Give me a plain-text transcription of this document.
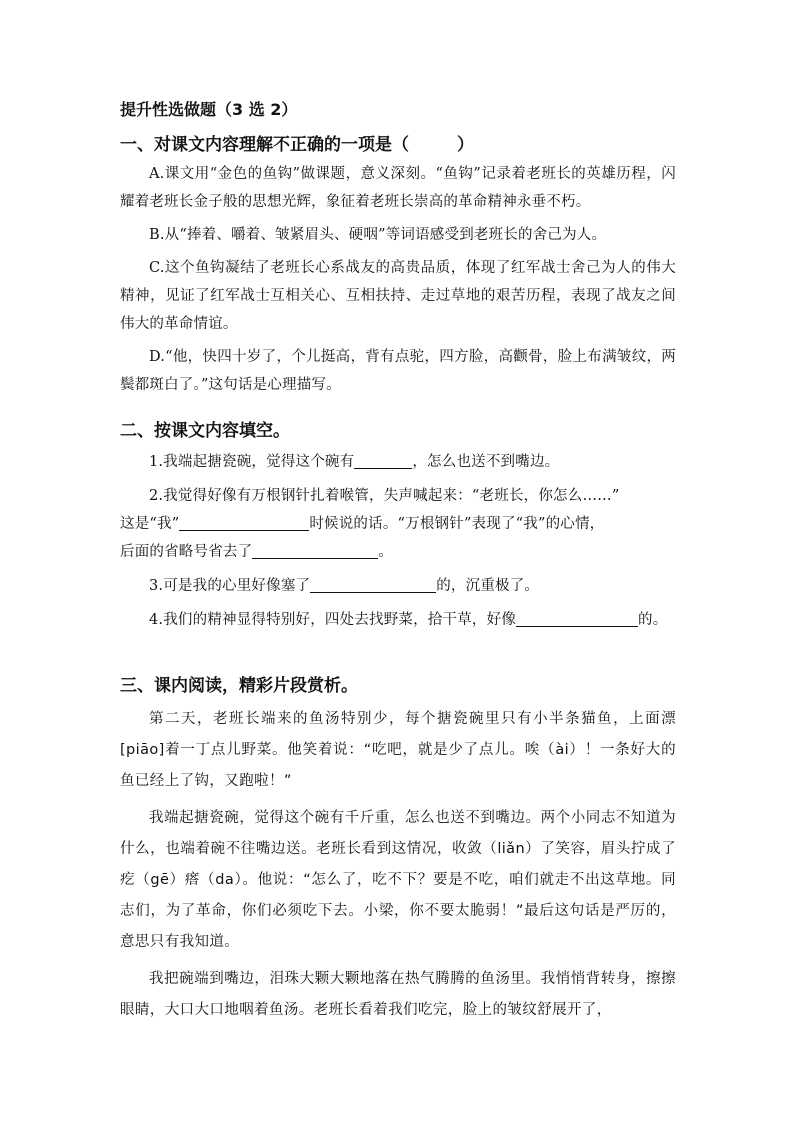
提升性选做题（3 选 2）
一、对课文内容理解不正确的一项是（	）

A.课文用“金色的鱼钩”做课题，意义深刻。“鱼钩”记录着老班长的英雄历程，闪耀着老班长金子般的思想光辉，象征着老班长崇高的革命精神永垂不朽。

B.从“捧着、嚼着、皱紧眉头、硬咽”等词语感受到老班长的舍己为人。

C.这个鱼钩凝结了老班长心系战友的高贵品质，体现了红军战士舍己为人的伟大精神，见证了红军战士互相关心、互相扶持、走过草地的艰苦历程，表现了战友之间伟大的革命情谊。

D.“他，快四十岁了，个儿挺高，背有点驼，四方脸，高颧骨，脸上布满皱纹，两鬓都斑白了。”这句话是心理描写。

二、按课文内容填空。

1.我端起搪瓷碗，觉得这个碗有	，怎么也送不到嘴边。

2.我觉得好像有万根钢针扎着喉管，失声喊起来：“老班长，你怎么……”

这是“我”	时候说的话。“万根钢针”表现了“我”的心情，

后面的省略号省去了	。

3.可是我的心里好像塞了	的，沉重极了。

4.我们的精神显得特别好，四处去找野菜，拾干草，好像	的。

三、课内阅读，精彩片段赏析。

第二天，老班长端来的鱼汤特别少，每个搪瓷碗里只有小半条猫鱼，上面漂[piāo]着一丁点儿野菜。他笑着说：“吃吧，就是少了点儿。唉（ài）！一条好大的鱼已经上了钩，又跑啦！”

我端起搪瓷碗，觉得这个碗有千斤重，怎么也送不到嘴边。两个小同志不知道为什么，也端着碗不往嘴边送。老班长看到这情况，收敛（liǎn）了笑容，眉头拧成了疙（gē）瘩（da）。他说：“怎么了，吃不下？要是不吃，咱们就走不出这草地。同志们，为了革命，你们必须吃下去。小梁，你不要太脆弱！”最后这句话是严厉的，意思只有我知道。

我把碗端到嘴边，泪珠大颗大颗地落在热气腾腾的鱼汤里。我悄悄背转身，擦擦眼睛，大口大口地咽着鱼汤。老班长看着我们吃完，脸上的皱纹舒展开了，
